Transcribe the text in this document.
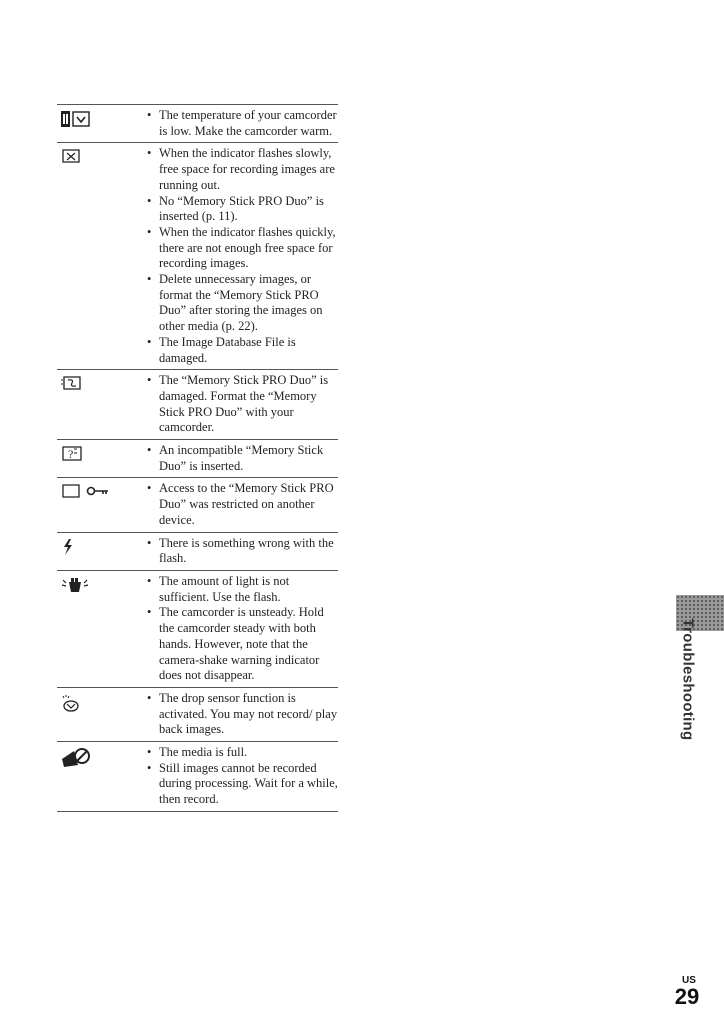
• The temperature of your camcorder is low. Make the camcorder warm.
• When the indicator flashes slowly, free space for recording images are running out.
• No “Memory Stick PRO Duo” is inserted (p. 11).
• When the indicator flashes quickly, there are not enough free space for recording images.
• Delete unnecessary images, or format the “Memory Stick PRO Duo” after storing the images on other media (p. 22).
• The Image Database File is damaged.
• The “Memory Stick PRO Duo” is damaged. Format the “Memory Stick PRO Duo” with your camcorder.
?
•	An incompatible “Memory Stick Duo” is inserted.
• Access to the “Memory Stick PRO Duo” was restricted on another device.
• There is something wrong with the flash.
• The amount of light is not sufficient. Use the flash.
• The camcorder is unsteady. Hold the camcorder steady with both hands. However, note that the camera-shake warning indicator does not disappear.
• The drop sensor function is activated. You may not record/ play back images.
• The media is full.
• Still images cannot be recorded during processing. Wait for a while, then record.
Troubleshooting
US
29
